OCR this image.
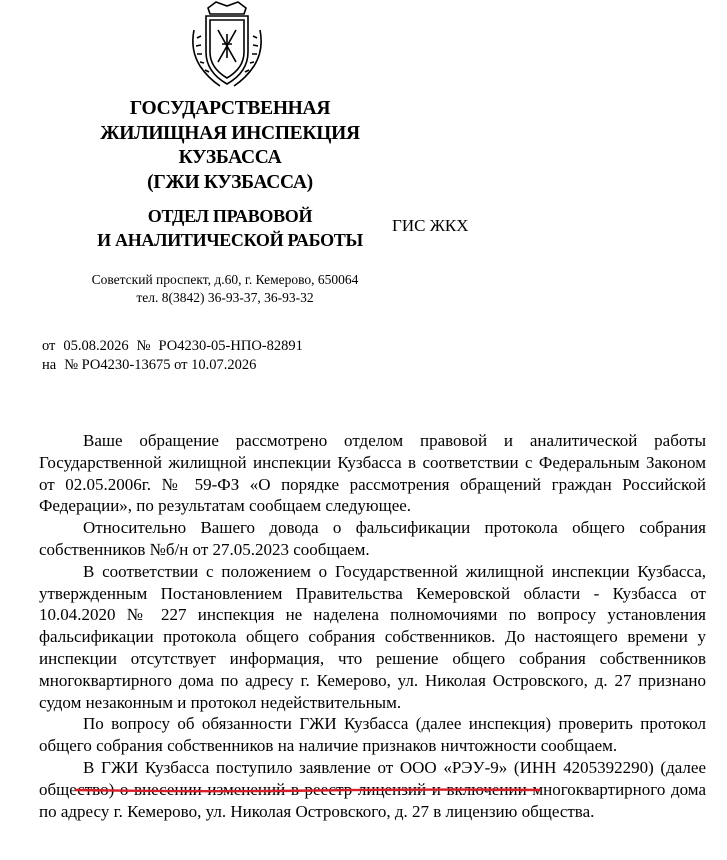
ГОСУДАРСТВЕННАЯ
ЖИЛИЩНАЯ ИНСПЕКЦИЯ
КУЗБАССА
(ГЖИ КУЗБАССА)
ОТДЕЛ ПРАВОВОЙ
И АНАЛИТИЧЕСКОЙ РАБОТЫ
ГИС ЖКХ
Советский проспект, д.60, г. Кемерово, 650064
тел. 8(3842) 36-93-37, 36-93-32
от 05.08.2026 № РО4230-05-НПО-82891
на № РО4230-13675 от 10.07.2026

Ваше обращение рассмотрено отделом правовой и аналитической работы Государственной жилищной инспекции Кузбасса в соответствии с Федеральным Законом от 02.05.2006г. № 59-ФЗ «О порядке рассмотрения обращений граждан Российской Федерации», по результатам сообщаем следующее.

Относительно Вашего довода о фальсификации протокола общего собрания собственников №б/н от 27.05.2023 сообщаем.

В соответствии с положением о Государственной жилищной инспекции Кузбасса, утвержденным Постановлением Правительства Кемеровской области - Кузбасса от 10.04.2020 № 227 инспекция не наделена полномочиями по вопросу установления фальсификации протокола общего собрания собственников. До настоящего времени у инспекции отсутствует информация, что решение общего собрания собственников многоквартирного дома по адресу г. Кемерово, ул. Николая Островского, д. 27 признано судом незаконным и протокол недействительным.

По вопросу об обязанности ГЖИ Кузбасса (далее инспекция) проверить протокол общего собрания собственников на наличие признаков ничтожности сообщаем.

В ГЖИ Кузбасса поступило заявление от ООО «РЭУ-9» (ИНН 4205392290) (далее общество) о внесении изменений в реестр лицензий и включении многоквартирного дома по адресу г. Кемерово, ул. Николая Островского, д. 27 в лицензию общества.
